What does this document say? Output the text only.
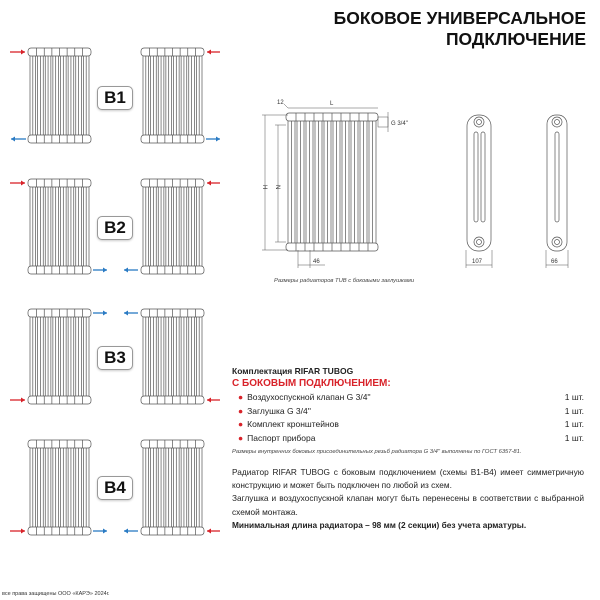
БОКОВОЕ УНИВЕРСАЛЬНОЕ
ПОДКЛЮЧЕНИЕ
B1
B2
B3
B4
12	L
G 3/4''
H N
46	107	66
Размеры радиаторов TUB с боковыми заглушками
Комплектация RIFAR TUBOG
С БОКОВЫМ ПОДКЛЮЧЕНИЕМ:
● Воздухоспускной клапан G 3/4''	1 шт.
● Заглушка G 3/4''	1 шт.
● Комплект кронштейнов	1 шт.
● Паспорт прибора	1 шт.
Размеры внутренних боковых присоединительных резьб радиатора G 3/4'' выполнены по ГОСТ 6357-81.
Радиатор RIFAR TUBOG с боковым подключением (схемы В1-В4) имеет симметричную конструкцию и может быть подключен по любой из схем.
Заглушка и воздухоспускной клапан могут быть перенесены в соответствии с выбранной схемой монтажа.
Минимальная длина радиатора – 98 мм (2 секции) без учета арматуры.
все права защищены ООО «КАРЭ» 2024г.
